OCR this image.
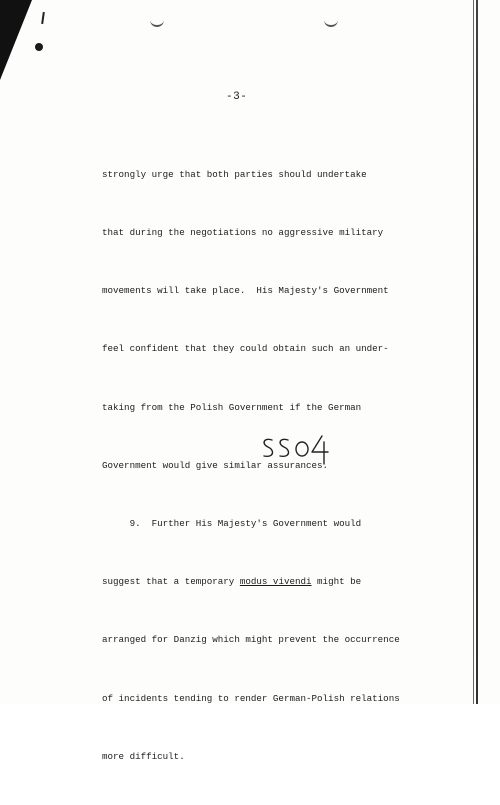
-3-

strongly urge that both parties should undertake

that during the negotiations no aggressive military

movements will take place.  His Majesty's Government

feel confident that they could obtain such an under-

taking from the Polish Government if the German

Government would give similar assurances.

9.  Further His Majesty's Government would

suggest that a temporary modus vivendi might be

arranged for Danzig which might prevent the occurrence

of incidents tending to render German-Polish relations

more difficult.
